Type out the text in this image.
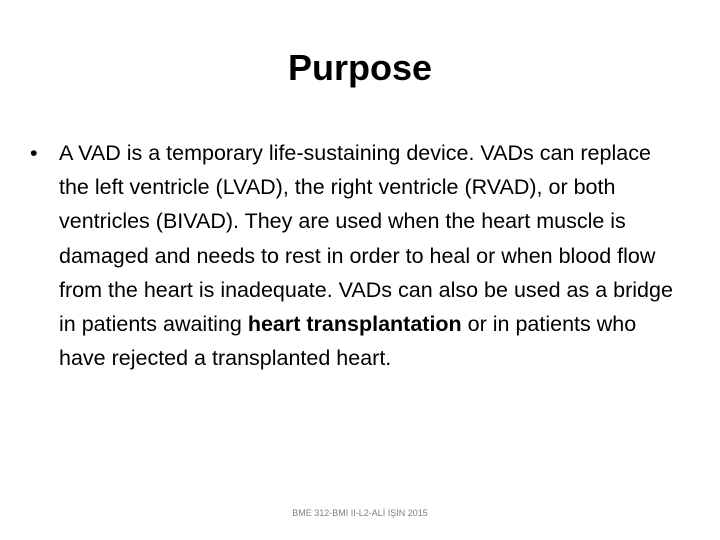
Purpose
• A VAD is a temporary life-sustaining device. VADs can replace the left ventricle (LVAD), the right ventricle (RVAD), or both ventricles (BIVAD). They are used when the heart muscle is damaged and needs to rest in order to heal or when blood flow from the heart is inadequate. VADs can also be used as a bridge in patients awaiting heart transplantation or in patients who have rejected a transplanted heart.
BME 312-BMI II-L2-ALİ IŞIN 2015
